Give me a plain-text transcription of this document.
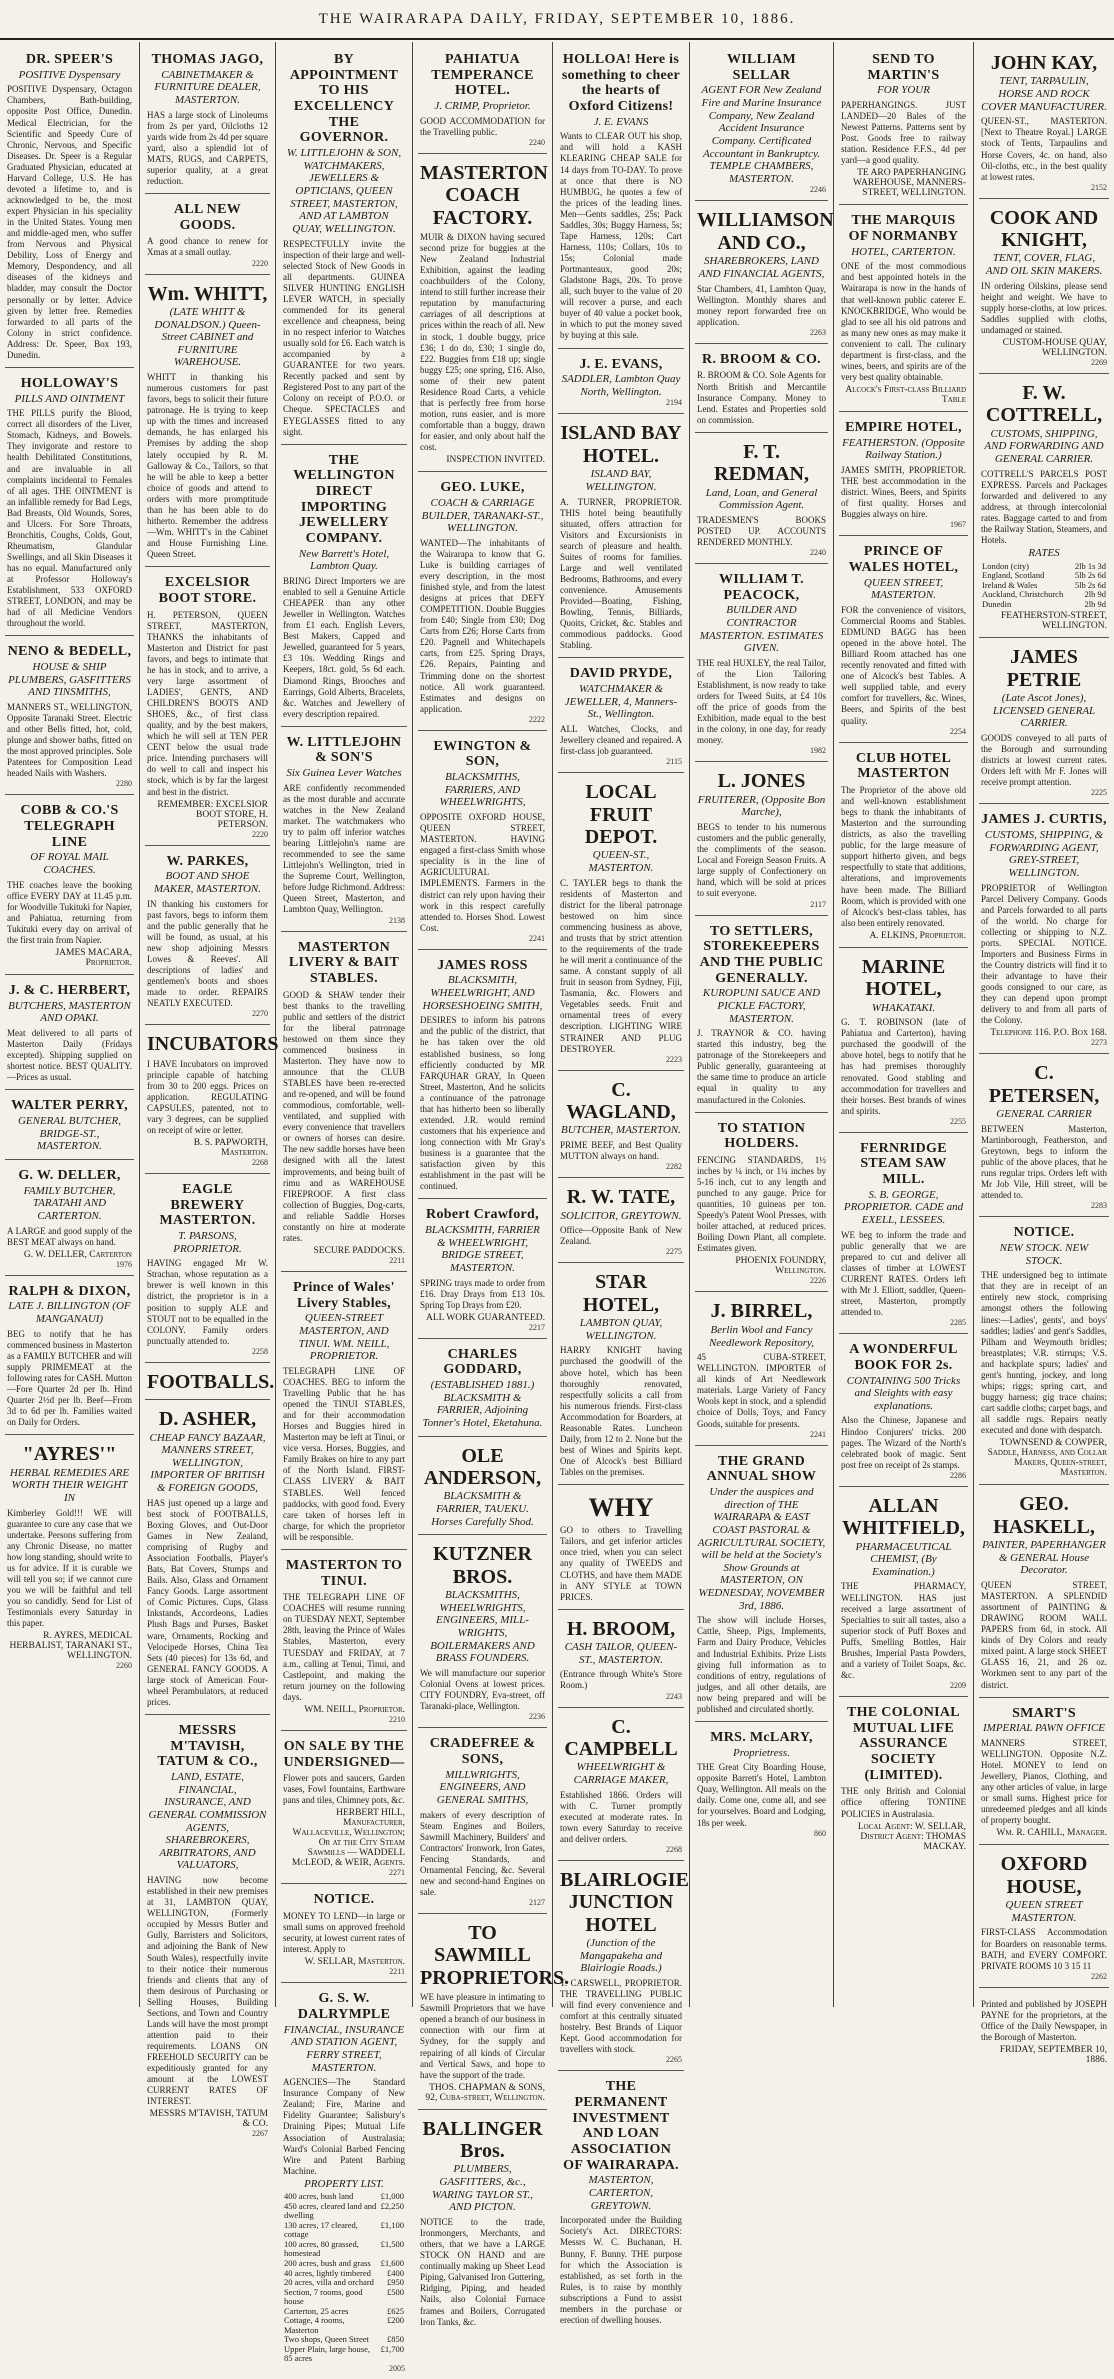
THE WAIRARAPA DAILY, FRIDAY, SEPTEMBER 10, 1886.
DR. SPEER'S
POSITIVE Dyspensary
POSITIVE Dyspensary, Octagon Chambers, Bath-building, opposite Post Office, Dunedin. Medical Electrician, for the Scientific and Speedy Cure of Chronic, Nervous, and Specific Diseases. Dr. Speer is a Regular Graduated Physician, educated at Harvard College, U.S. He has devoted a lifetime to, and is acknowledged to be, the most expert Physician in his speciality in the United States. Young men and middle-aged men, who suffer from Nervous and Physical Debility, Loss of Energy and Memory, Despondency, and all diseases of the kidneys and bladder, may consult the Doctor personally or by letter. Advice given by letter free. Remedies forwarded to all parts of the Colony in strict confidence. Address: Dr. Speer, Box 193, Dunedin.
HOLLOWAY'S
PILLS AND OINTMENT
THE PILLS purify the Blood, correct all disorders of the Liver, Stomach, Kidneys, and Bowels. They invigorate and restore to health Debilitated Constitutions, and are invaluable in all complaints incidental to Females of all ages. THE OINTMENT is an infallible remedy for Bad Legs, Bad Breasts, Old Wounds, Sores, and Ulcers. For Sore Throats, Bronchitis, Coughs, Colds, Gout, Rheumatism, Glandular Swellings, and all Skin Diseases it has no equal. Manufactured only at Professor Holloway's Establishment, 533 OXFORD STREET, LONDON, and may be had of all Medicine Vendors throughout the world.
NENO & BEDELL,
HOUSE & SHIP PLUMBERS, GASFITTERS AND TINSMITHS,
MANNERS ST., WELLINGTON, Opposite Taranaki Street. Electric and other Bells fitted, hot, cold, plunge and shower baths, fitted on the most approved principles. Sole Patentees for Composition Lead headed Nails with Washers.
2280
COBB & CO.'S TELEGRAPH LINE
OF ROYAL MAIL COACHES.
THE coaches leave the booking office EVERY DAY at 11.45 p.m. for Woodville Tukituki for Napier, and Pahiatua, returning from Tukituki every day on arrival of the first train from Napier.
JAMES MACARA, Proprietor.
J. & C. HERBERT,
BUTCHERS, MASTERTON AND OPAKI.
Meat delivered to all parts of Masterton Daily (Fridays excepted). Shipping supplied on shortest notice. BEST QUALITY.—Prices as usual.
WALTER PERRY,
GENERAL BUTCHER, BRIDGE-ST., MASTERTON.
G. W. DELLER,
FAMILY BUTCHER, TARATAHI AND CARTERTON.
A LARGE and good supply of the BEST MEAT always on hand.
G. W. DELLER, Carterton
1976
RALPH & DIXON,
LATE J. BILLINGTON (OF MANGANAUI)
BEG to notify that he has commenced business in Masterton as a FAMILY BUTCHER and will supply PRIMEMEAT at the following rates for CASH. Mutton—Fore Quarter 2d per lb. Hind Quarter 2½d per lb. Beef—From 3d to 6d per lb. Families waited on Daily for Orders.
"AYRES'"
HERBAL REMEDIES ARE WORTH THEIR WEIGHT IN
Kimberley Gold!!! WE will guarantee to cure any case that we undertake. Persons suffering from any Chronic Disease, no matter how long standing, should write to us for advice. If it is curable we will tell you so; if we cannot cure you we will be faithful and tell you so candidly. Send for List of Testimonials every Saturday in this paper.
R. AYRES, MEDICAL HERBALIST, TARANAKI ST., WELLINGTON.
2260
THOMAS JAGO,
CABINETMAKER & FURNITURE DEALER, MASTERTON.
HAS a large stock of Linoleums from 2s per yard, Oilcloths 12 yards wide from 2s 4d per square yard, also a splendid lot of MATS, RUGS, and CARPETS, superior quality, at a great reduction.
ALL NEW GOODS.
A good chance to renew for Xmas at a small outlay.
2220
Wm. WHITT,
(LATE WHITT & DONALDSON.) Queen-Street CABINET and FURNITURE WAREHOUSE.
WHITT in thanking his numerous customers for past favors, begs to solicit their future patronage. He is trying to keep up with the times and increased demands, he has enlarged his Premises by adding the shop lately occupied by R. M. Galloway & Co., Tailors, so that he will be able to keep a better choice of goods and attend to orders with more promptitude than he has been able to do hitherto. Remember the address—Wm. WHITT's in the Cabinet and House Furnishing Line. Queen Street.
EXCELSIOR BOOT STORE.
H. PETERSON, QUEEN STREET, MASTERTON, THANKS the inhabitants of Masterton and District for past favors, and begs to intimate that he has in stock, and to arrive, a very large assortment of LADIES', GENTS, AND CHILDREN'S BOOTS AND SHOES, &c., of first class quality, and by the best makers, which he will sell at TEN PER CENT below the usual trade price. Intending purchasers will do well to call and inspect his stock, which is by far the largest and best in the district.
REMEMBER: EXCELSIOR BOOT STORE, H. PETERSON.
2220
W. PARKES,
BOOT AND SHOE MAKER, MASTERTON.
IN thanking his customers for past favors, begs to inform them and the public generally that he will be found, as usual, at his new shop adjoining Messrs Lowes & Reeves'. All descriptions of ladies' and gentlemen's boots and shoes made to order. REPAIRS NEATLY EXECUTED.
2270
INCUBATORS
I HAVE Incubators on improved principle capable of hatching from 30 to 200 eggs. Prices on application. REGULATING CAPSULES, patented, not to vary 3 degrees, can be supplied on receipt of wire or letter.
B. S. PAPWORTH, Masterton.
2268
EAGLE BREWERY MASTERTON.
T. PARSONS, PROPRIETOR.
HAVING engaged Mr W. Strachan, whose reputation as a brewer is well known in this district, the proprietor is in a position to supply ALE and STOUT not to be equalled in the COLONY. Family orders punctually attended to.
2258
FOOTBALLS.
D. ASHER,
CHEAP FANCY BAZAAR, MANNERS STREET, WELLINGTON, IMPORTER OF BRITISH & FOREIGN GOODS,
HAS just opened up a large and best stock of FOOTBALLS, Boxing Gloves, and Out-Door Games in New Zealand, comprising of Rugby and Association Footballs, Player's Bats, Bat Covers, Stumps and Bails. Also, Glass and Ornament Fancy Goods. Large assortment of Comic Pictures. Cups, Glass Inkstands, Accordeons, Ladies Plush Bags and Purses, Basket ware, Ornaments, Rocking and Velocipede Horses, China Tea Sets (40 pieces) for 13s 6d, and GENERAL FANCY GOODS. A large stock of American Four-wheel Perambulators, at reduced prices.
MESSRS M'TAVISH, TATUM & CO.,
LAND, ESTATE, FINANCIAL, INSURANCE, AND GENERAL COMMISSION AGENTS, SHAREBROKERS, ARBITRATORS, AND VALUATORS,
HAVING now become established in their new premises at 31, LAMBTON QUAY, WELLINGTON, (Formerly occupied by Messrs Butler and Gully, Barristers and Solicitors, and adjoining the Bank of New South Wales), respectfully invite to their notice their numerous friends and clients that any of them desirous of Purchasing or Selling Houses, Building Sections, and Town and Country Lands will have the most prompt attention paid to their requirements. LOANS ON FREEHOLD SECURITY can be expeditiously granted for any amount at the LOWEST CURRENT RATES OF INTEREST.
MESSRS M'TAVISH, TATUM & CO.
2267
BY APPOINTMENT TO HIS EXCELLENCY THE GOVERNOR.
W. LITTLEJOHN & SON, WATCHMAKERS, JEWELLERS & OPTICIANS, QUEEN STREET, MASTERTON, AND AT LAMBTON QUAY, WELLINGTON.
RESPECTFULLY invite the inspection of their large and well-selected Stock of New Goods in all departments. GUINEA SILVER HUNTING ENGLISH LEVER WATCH, in specially commended for its general excellence and cheapness, being in no respect inferior to Watches usually sold for £6. Each watch is accompanied by a GUARANTEE for two years. Recently packed and sent by Registered Post to any part of the Colony on receipt of P.O.O. or Cheque. SPECTACLES and EYEGLASSES fitted to any sight.
THE WELLINGTON DIRECT IMPORTING JEWELLERY COMPANY.
New Barrett's Hotel, Lambton Quay.
BRING Direct Importers we are enabled to sell a Genuine Article CHEAPER than any other Jeweller in Wellington. Watches from £1 each. English Levers, Best Makers, Capped and Jewelled, guaranteed for 5 years, £3 10s. Wedding Rings and Keepers, 18ct. gold, 5s 6d each. Diamond Rings, Brooches and Earrings, Gold Alberts, Bracelets, &c. Watches and Jewellery of every description repaired.
W. LITTLEJOHN & SON'S
Six Guinea Lever Watches
ARE confidently recommended as the most durable and accurate watches in the New Zealand market. The watchmakers who try to palm off inferior watches bearing Littlejohn's name are recommended to see the same Littlejohn's Wellington, tried in the Supreme Court, Wellington, before Judge Richmond. Address: Queen Street, Masterton, and Lambton Quay, Wellington.
2138
MASTERTON LIVERY & BAIT STABLES.
GOOD & SHAW tender their best thanks to the travelling public and settlers of the district for the liberal patronage bestowed on them since they commenced business in Masterton. They have now to announce that the CLUB STABLES have been re-erected and re-opened, and will be found commodious, comfortable, well-ventilated, and supplied with every convenience that travellers or owners of horses can desire. The new saddle horses have been designed with all the latest improvements, and being built of rimu and as WAREHOUSE FIREPROOF. A first class collection of Buggies, Dog-carts, and reliable Saddle Horses constantly on hire at moderate rates.
SECURE PADDOCKS.
2211
Prince of Wales' Livery Stables,
QUEEN-STREET MASTERTON, AND TINUI. WM. NEILL, PROPRIETOR.
TELEGRAPH LINE OF COACHES. BEG to inform the Travelling Public that he has opened the TINUI STABLES, and for their accommodation Horses and Buggies hired in Masterton may be left at Tinui, or vice versa. Horses, Buggies, and Family Brakes on hire to any part of the North Island. FIRST-CLASS LIVERY & BAIT STABLES. Well fenced paddocks, with good food. Every care taken of horses left in charge, for which the proprietor will be responsible.
MASTERTON TO TINUI.
THE TELEGRAPH LINE OF COACHES will resume running on TUESDAY NEXT, September 28th, leaving the Prince of Wales Stables, Masterton, every TUESDAY and FRIDAY, at 7 a.m., calling at Tenui, Tinui, and Castlepoint, and making the return journey on the following days.
WM. NEILL, Proprietor.
2210
ON SALE BY THE UNDERSIGNED—
Flower pots and saucers, Garden vases, Fowl fountains, Earthware pans and tiles, Chimney pots, &c.
HERBERT HILL, Manufacturer, Wallaceville, Wellington; Or at the City Steam Sawmills — WADDELL McLEOD, & WEIR, Agents.
2271
NOTICE.
MONEY TO LEND—in large or small sums on approved freehold security, at lowest current rates of interest. Apply to
W. SELLAR, Masterton.
2211
G. S. W. DALRYMPLE
FINANCIAL, INSURANCE AND STATION AGENT, FERRY STREET, MASTERTON.
AGENCIES—The Standard Insurance Company of New Zealand; Fire, Marine and Fidelity Guarantee; Salisbury's Draining Pipes; Mutual Life Association of Australasia; Ward's Colonial Barbed Fencing Wire and Patent Barbing Machine.
PROPERTY LIST.
400 acres, bush land	£1,000
450 acres, cleared land and dwelling	£2,250
130 acres, 17 cleared, cottage	£1,100
100 acres, 80 grassed, homestead	£1,500
200 acres, bush and grass	£1,600
40 acres, lightly timbered	£400
20 acres, villa and orchard	£950
Section, 7 rooms, good house	£500
Carterton, 25 acres	£625
Cottage, 4 rooms, Masterton	£200
Two shops, Queen Street	£850
Upper Plain, large house, 85 acres	£1,700
2005
PAHIATUA TEMPERANCE HOTEL.
J. CRIMP, Proprietor.
GOOD ACCOMMODATION for the Travelling public.
2240
MASTERTON COACH FACTORY.
MUIR & DIXON having secured second prize for buggies at the New Zealand Industrial Exhibition, against the leading coachbuilders of the Colony, intend to still further increase their reputation by manufacturing carriages of all descriptions at prices within the reach of all. New in stock, 1 double buggy, price £36; 1 do do, £30; 1 single do, £22. Buggies from £18 up; single buggy £25; one spring, £16. Also, some of their new patent Residence Road Carts, a vehicle that is perfectly free from horse motion, runs easier, and is more comfortable than a buggy, drawn for easier, and only about half the cost.
INSPECTION INVITED.
GEO. LUKE,
COACH & CARRIAGE BUILDER, TARANAKI-ST., WELLINGTON.
WANTED—The inhabitants of the Wairarapa to know that G. Luke is building carriages of every description, in the most finished style, and from the latest designs at prices that DEFY COMPETITION. Double Buggies from £40; Single from £30; Dog Carts from £26; Horse Carts from £20. Pagnell and Whitechapels carts, from £25. Spring Drays, £26. Repairs, Painting and Trimming done on the shortest notice. All work guaranteed. Estimates and designs on application.
2222
EWINGTON & SON,
BLACKSMITHS, FARRIERS, AND WHEELWRIGHTS,
OPPOSITE OXFORD HOUSE, QUEEN STREET, MASTERTON. HAVING engaged a first-class Smith whose speciality is in the line of AGRICULTURAL IMPLEMENTS. Farmers in the district can rely upon having their work in this respect carefully attended to. Horses Shod. Lowest Cost.
2241
JAMES ROSS
BLACKSMITH, WHEELWRIGHT, AND HORSESHOEING SMITH,
DESIRES to inform his patrons and the public of the district, that he has taken over the old established business, so long efficiently conducted by MR FARQUHAR GRAY, In Queen Street, Masterton, And he solicits a continuance of the patronage that has hitherto been so liberally extended. J.R. would remind customers that his experience and long connection with Mr Gray's business is a guarantee that the satisfaction given by this establishment in the past will be continued.
Robert Crawford,
BLACKSMITH, FARRIER & WHEELWRIGHT, BRIDGE STREET, MASTERTON.
SPRING trays made to order from £16. Dray Drays from £13 10s. Spring Top Drays from £20.
ALL WORK GUARANTEED.
2217
CHARLES GODDARD,
(ESTABLISHED 1881.) BLACKSMITH & FARRIER, Adjoining Tonner's Hotel, Eketahuna.
OLE ANDERSON,
BLACKSMITH & FARRIER, TAUEKU. Horses Carefully Shod.
KUTZNER BROS.
BLACKSMITHS, WHEELWRIGHTS, ENGINEERS, MILL-WRIGHTS, BOILERMAKERS AND BRASS FOUNDERS.
We will manufacture our superior Colonial Ovens at lowest prices. CITY FOUNDRY, Eva-street, off Taranaki-place, Wellington.
2236
CRADEFREE & SONS,
MILLWRIGHTS, ENGINEERS, AND GENERAL SMITHS,
makers of every description of Steam Engines and Boilers, Sawmill Machinery, Builders' and Contractors' Ironwork, Iron Gates, Fencing Standards, and Ornamental Fencing, &c. Several new and second-hand Engines on sale.
2127
TO SAWMILL PROPRIETORS.
WE have pleasure in intimating to Sawmill Proprietors that we have opened a branch of our business in connection with our firm at Sydney, for the supply and repairing of all kinds of Circular and Vertical Saws, and hope to have the support of the trade.
THOS. CHAPMAN & SONS, 92, Cuba-street, Wellington.
BALLINGER Bros.
PLUMBERS, GASFITTERS, &c., WARING TAYLOR ST., AND PICTON.
NOTICE to the trade, Ironmongers, Merchants, and others, that we have a LARGE STOCK ON HAND and are continually making up Sheet Lead Piping, Galvanised Iron Guttering, Ridging, Piping, and headed Nails, also Colonial Furnace frames and Boilers, Corrugated Iron Tanks, &c.
HOLLOA! Here is something to cheer the hearts of Oxford Citizens!
J. E. EVANS
Wants to CLEAR OUT his shop, and will hold a KASH KLEARING CHEAP SALE for 14 days from TO-DAY. To prove at once that there is NO HUMBUG, he quotes a few of the prices of the leading lines. Men—Gents saddles, 25s; Pack Saddles, 30s; Buggy Harness, 5s; Tape Harness, 120s; Cart Harness, 110s; Collars, 10s to 15s; Colonial made Portmanteaux, good 20s; Gladstone Bags, 20s. To prove all, such buyer to the value of 20 will recover a purse, and each buyer of 40 value a pocket book, in which to put the money saved by buying at this sale.
J. E. EVANS,
SADDLER, Lambton Quay North, Wellington.
2194
ISLAND BAY HOTEL.
ISLAND BAY, WELLINGTON.
A. TURNER, PROPRIETOR. THIS hotel being beautifully situated, offers attraction for Visitors and Excursionists in search of pleasure and health. Suites of rooms for families. Large and well ventilated Bedrooms, Bathrooms, and every convenience. Amusements Provided—Boating, Fishing, Bowling, Tennis, Billiards, Quoits, Cricket, &c. Stables and commodious paddocks. Good Stabling.
DAVID PRYDE,
WATCHMAKER & JEWELLER, 4, Manners-St., Wellington.
ALL Watches, Clocks, and Jewellery cleaned and repaired. A first-class job guaranteed.
2115
LOCAL FRUIT DEPOT.
QUEEN-ST., MASTERTON.
C. TAYLER begs to thank the residents of Masterton and district for the liberal patronage bestowed on him since commencing business as above, and trusts that by strict attention to the requirements of the trade he will merit a continuance of the same. A constant supply of all fruit in season from Sydney, Fiji, Tasmania, &c. Flowers and Vegetables seeds. Fruit and ornamental trees of every description. LIGHTING WIRE STRAINER AND PLUG DESTROYER.
2223
C. WAGLAND,
BUTCHER, MASTERTON.
PRIME BEEF, and Best Quality MUTTON always on hand.
2282
R. W. TATE,
SOLICITOR, GREYTOWN.
Office—Opposite Bank of New Zealand.
2275
STAR HOTEL,
LAMBTON QUAY, WELLINGTON.
HARRY KNIGHT having purchased the goodwill of the above hotel, which has been thoroughly renovated, respectfully solicits a call from his numerous friends. First-class Accommodation for Boarders, at Reasonable Rates. Luncheon Daily, from 12 to 2. None but the best of Wines and Spirits kept. One of Alcock's best Billiard Tables on the premises.
WHY
GO to others to Travelling Tailors, and get inferior articles once tried, when you can select any quality of TWEEDS and CLOTHS, and have them MADE in ANY STYLE at TOWN PRICES.
H. BROOM,
CASH TAILOR, QUEEN-ST., MASTERTON.
(Entrance through White's Store Room.)
2243
C. CAMPBELL
WHEELWRIGHT & CARRIAGE MAKER,
Established 1866. Orders will with C. Turner promptly executed at moderate rates. In town every Saturday to receive and deliver orders.
2268
BLAIRLOGIE JUNCTION HOTEL
(Junction of the Mangapakeha and Blairlogie Roads.)
T. CARSWELL, PROPRIETOR. THE TRAVELLING PUBLIC will find every convenience and comfort at this centrally situated hostelry. Best Brands of Liquor Kept. Good accommodation for travellers with stock.
2265
THE PERMANENT INVESTMENT AND LOAN ASSOCIATION OF WAIRARAPA.
MASTERTON, CARTERTON, GREYTOWN.
Incorporated under the Building Society's Act. DIRECTORS: Messrs W. C. Buchanan, H. Bunny, F. Bunny. THE purpose for which the Association is established, as set forth in the Rules, is to raise by monthly subscriptions a Fund to assist members in the purchase or erection of dwelling houses.
WILLIAM SELLAR
AGENT FOR New Zealand Fire and Marine Insurance Company, New Zealand Accident Insurance Company. Certificated Accountant in Bankruptcy. TEMPLE CHAMBERS, MASTERTON.
2246
WILLIAMSON AND CO.,
SHAREBROKERS, LAND AND FINANCIAL AGENTS,
Star Chambers, 41, Lambton Quay, Wellington. Monthly shares and money report forwarded free on application.
2263
R. BROOM & CO.
R. BROOM & CO. Sole Agents for North British and Mercantile Insurance Company. Money to Lend. Estates and Properties sold on commission.
F. T. REDMAN,
Land, Loan, and General Commission Agent.
TRADESMEN'S BOOKS POSTED UP. ACCOUNTS RENDERED MONTHLY.
2240
WILLIAM T. PEACOCK,
BUILDER AND CONTRACTOR MASTERTON. ESTIMATES GIVEN.
THE real HUXLEY, the real Tailor, of the Lion Tailoring Establishment, is now ready to take orders for Tweed Suits, at £4 10s off the price of goods from the Exhibition, made equal to the best in the colony, in one day, for ready money.
1982
L. JONES
FRUITERER, (Opposite Bon Marche),
BEGS to tender to his numerous customers and the public generally, the compliments of the season. Local and Foreign Season Fruits. A large supply of Confectionery on hand, which will be sold at prices to suit everyone.
2117
TO SETTLERS, STOREKEEPERS AND THE PUBLIC GENERALLY.
KUROPUNI SAUCE AND PICKLE FACTORY, MASTERTON.
J. TRAYNOR & CO. having started this industry, beg the patronage of the Storekeepers and Public generally, guaranteeing at the same time to produce an article equal in quality to any manufactured in the Colonies.
TO STATION HOLDERS.
FENCING STANDARDS, 1½ inches by ¼ inch, or 1¼ inches by 5-16 inch, cut to any length and punched to any gauge. Price for quantities, 10 guineas per ton. Speedy's Patent Wool Presses, with boiler attached, at reduced prices. Boiling Down Plant, all complete. Estimates given.
PHOENIX FOUNDRY, Wellington.
2226
J. BIRREL,
Berlin Wool and Fancy Needlework Repository,
45 CUBA-STREET, WELLINGTON. IMPORTER of all kinds of Art Needlework materials. Large Variety of Fancy Wools kept in stock, and a splendid choice of Dolls, Toys, and Fancy Goods, suitable for presents.
2241
THE GRAND ANNUAL SHOW
Under the auspices and direction of THE WAIRARAPA & EAST COAST PASTORAL & AGRICULTURAL SOCIETY, will be held at the Society's Show Grounds at MASTERTON, ON WEDNESDAY, NOVEMBER 3rd, 1886.
The show will include Horses, Cattle, Sheep, Pigs, Implements, Farm and Dairy Produce, Vehicles and Industrial Exhibits. Prize Lists giving full information as to conditions of entry, regulations of judges, and all other details, are now being prepared and will be published and circulated shortly.
MRS. McLARY,
Proprietress.
THE Great City Boarding House, opposite Barrett's Hotel, Lambton Quay, Wellington. All meals on the daily. Come one, come all, and see for yourselves. Board and Lodging, 18s per week.
860
SEND TO MARTIN'S
FOR YOUR
PAPERHANGINGS. JUST LANDED—20 Bales of the Newest Patterns. Patterns sent by Post. Goods free to railway station. Residence F.F.S., 4d per yard—a good quality.
TE ARO PAPERHANGING WAREHOUSE, MANNERS-STREET, WELLINGTON.
THE MARQUIS OF NORMANBY
HOTEL, CARTERTON.
ONE of the most commodious and best appointed hotels in the Wairarapa is now in the hands of that well-known public caterer E. KNOCKBRIDGE, Who would be glad to see all his old patrons and as many new ones as may make it convenient to call. The culinary department is first-class, and the wines, beers, and spirits are of the very best quality obtainable.
Alcock's First-class Billiard Table
EMPIRE HOTEL,
FEATHERSTON. (Opposite Railway Station.)
JAMES SMITH, PROPRIETOR. THE best accommodation in the district. Wines, Beers, and Spirits of first quality. Horses and Buggies always on hire.
1967
PRINCE OF WALES HOTEL,
QUEEN STREET, MASTERTON.
FOR the convenience of visitors, Commercial Rooms and Stables. EDMUND BAGG has been opened in the above hotel. The Billiard Room attached has one recently renovated and fitted with one of Alcock's best Tables. A well supplied table, and every comfort for travellers, &c. Wines, Beers, and Spirits of the best quality.
2254
CLUB HOTEL MASTERTON
The Proprietor of the above old and well-known establishment begs to thank the inhabitants of Masterton and the surrounding districts, as also the travelling public, for the large measure of support hitherto given, and begs respectfully to state that additions, alterations, and improvements have been made. The Billiard Room, which is provided with one of Alcock's best-class tables, has also been entirely renovated.
A. ELKINS, Proprietor.
MARINE HOTEL,
WHAKATAKI.
G. T. ROBINSON (late of Pahiatua and Carterton), having purchased the goodwill of the above hotel, begs to notify that he has had premises thoroughly renovated. Good stabling and accommodation for travellers and their horses. Best brands of wines and spirits.
2255
FERNRIDGE STEAM SAW MILL.
S. B. GEORGE, PROPRIETOR. CADE and EXELL, LESSEES.
WE beg to inform the trade and public generally that we are prepared to cut and deliver all classes of timber at LOWEST CURRENT RATES. Orders left with Mr J. Elliott, saddler, Queen-street, Masterton, promptly attended to.
2285
A WONDERFUL BOOK FOR 2s.
CONTAINING 500 Tricks and Sleights with easy explanations.
Also the Chinese, Japanese and Hindoo Conjurers' tricks. 200 pages. The Wizard of the North's celebrated book of magic. Sent post free on receipt of 2s stamps.
2286
ALLAN WHITFIELD,
PHARMACEUTICAL CHEMIST, (By Examination.)
THE PHARMACY, WELLINGTON. HAS just received a large assortment of Specialties to suit all tastes, also a superior stock of Puff Boxes and Puffs, Smelling Bottles, Hair Brushes, Imperial Pasta Powders, and a variety of Toilet Soaps, &c. &c.
2209
THE COLONIAL MUTUAL LIFE ASSURANCE SOCIETY (LIMITED).
THE only British and Colonial office offering TONTINE POLICIES in Australasia.
Local Agent: W. SELLAR, District Agent: THOMAS MACKAY.
JOHN KAY,
TENT, TARPAULIN, HORSE AND ROCK COVER MANUFACTURER.
QUEEN-ST., MASTERTON. [Next to Theatre Royal.] LARGE stock of Tents, Tarpaulins and Horse Covers, 4c. on hand, also Oil-cloths, etc., in the best quality at lowest rates.
2152
COOK AND KNIGHT,
TENT, COVER, FLAG, AND OIL SKIN MAKERS.
IN ordering Oilskins, please send height and weight. We have to supply horse-cloths, at low prices. Saddles supplied with cloths, undamaged or stained.
CUSTOM-HOUSE QUAY, WELLINGTON.
2269
F. W. COTTRELL,
CUSTOMS, SHIPPING, AND FORWARDING AND GENERAL CARRIER.
COTTRELL'S PARCELS POST EXPRESS. Parcels and Packages forwarded and delivered to any address, at through intercolonial rates. Baggage carted to and from the Railway Station, Steamers, and Hotels.
RATES
London (city)	2lb 1s 3d
England, Scotland	5lb 2s 6d
Ireland & Wales	5lb 2s 6d
Auckland, Christchurch	2lb 9d
Dunedin	2lb 9d
FEATHERSTON-STREET, WELLINGTON.
JAMES PETRIE
(Late Ascot Jones), LICENSED GENERAL CARRIER.
GOODS conveyed to all parts of the Borough and surrounding districts at lowest current rates. Orders left with Mr F. Jones will receive prompt attention.
2225
JAMES J. CURTIS,
CUSTOMS, SHIPPING, & FORWARDING AGENT, GREY-STREET, WELLINGTON.
PROPRIETOR of Wellington Parcel Delivery Company. Goods and Parcels forwarded to all parts of the world. No charge for collecting or shipping to N.Z. ports. SPECIAL NOTICE. Importers and Business Firms in the Country districts will find it to their advantage to have their goods consigned to our care, as they can depend upon prompt delivery to and from all parts of the Colony.
Telephone 116. P.O. Box 168.
2273
C. PETERSEN,
GENERAL CARRIER
BETWEEN Masterton, Martinborough, Featherston, and Greytown, begs to inform the public of the above places, that he runs regular trips. Orders left with Mr Job Vile, Hill street, will be attended to.
2283
NOTICE.
NEW STOCK. NEW STOCK.
THE undersigned beg to intimate that they are in receipt of an entirely new stock, comprising amongst others the following lines:—Ladies', gents', and boys' saddles; ladies' and gent's Saddles, Pilham and Weymouth bridles; breastplates; V.R. stirrups; V.S. and hackplate spurs; ladies' and gent's hunting, jockey, and long whips; riggs; spring cart, and buggy harness; gig trace chains; cart saddle cloths; carpet bags, and all saddle rugs. Repairs neatly executed and done with despatch.
TOWNSEND & COWPER, Saddle, Harness, and Collar Makers, Queen-street, Masterton.
GEO. HASKELL,
PAINTER, PAPERHANGER & GENERAL House Decorator.
QUEEN STREET, MASTERTON. A SPLENDID assortment of PAINTING & DRAWING ROOM WALL PAPERS from 6d, in stock. All kinds of Dry Colors and ready mixed paint. A large stock SHEET GLASS 16, 21, and 26 oz. Workmen sent to any part of the district.
SMART'S
IMPERIAL PAWN OFFICE
MANNERS STREET, WELLINGTON. Opposite N.Z. Hotel. MONEY to lend on Jewellery, Pianos, Clothing, and any other articles of value, in large or small sums. Highest price for unredeemed pledges and all kinds of property bought.
Wm. R. CAHILL, Manager.
OXFORD HOUSE,
QUEEN STREET MASTERTON.
FIRST-CLASS Accommodation for Boarders on reasonable terms. BATH, and EVERY COMFORT. PRIVATE ROOMS 10 3 15 11
2262
Printed and published by JOSEPH PAYNE for the proprietors, at the Office of the Daily Newspaper, in the Borough of Masterton.
FRIDAY, SEPTEMBER 10, 1886.
